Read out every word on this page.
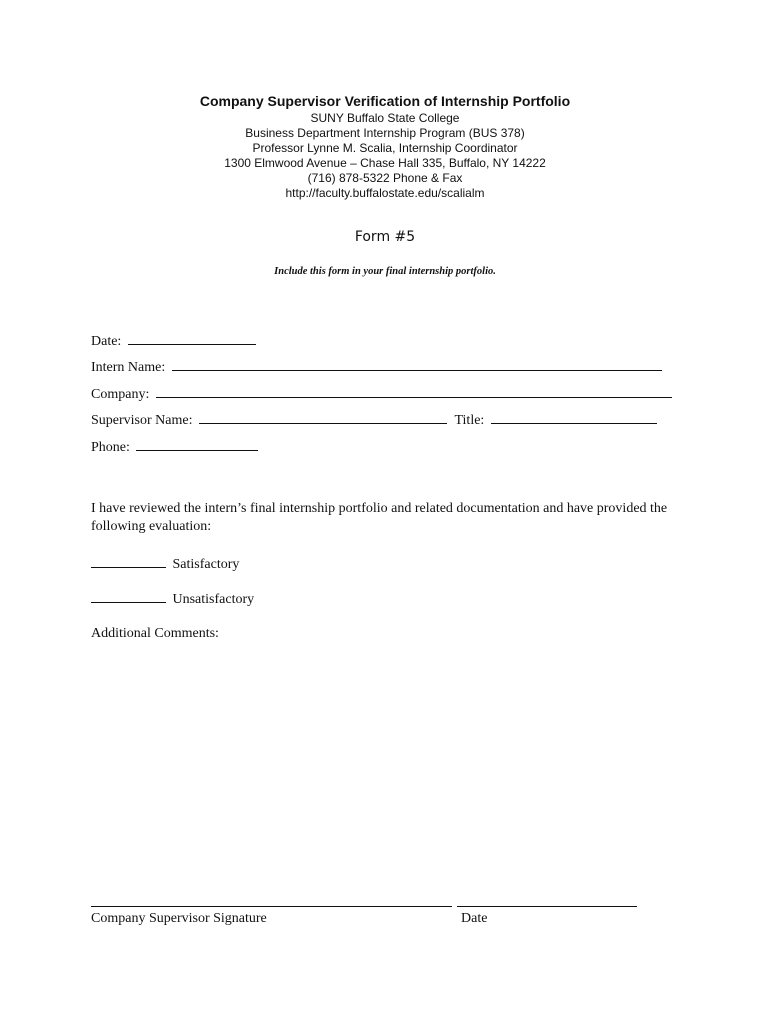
Company Supervisor Verification of Internship Portfolio
SUNY Buffalo State College
Business Department Internship Program (BUS 378)
Professor Lynne M. Scalia, Internship Coordinator
1300 Elmwood Avenue – Chase Hall 335, Buffalo, NY 14222
(716) 878-5322 Phone & Fax
http://faculty.buffalostate.edu/scalialm
Form #5
Include this form in your final internship portfolio.
Date:
Intern Name:
Company:
Supervisor Name:	Title:
Phone:
I have reviewed the intern’s final internship portfolio and related documentation and have provided the following evaluation:
Satisfactory
Unsatisfactory
Additional Comments:
Company Supervisor Signature	Date
